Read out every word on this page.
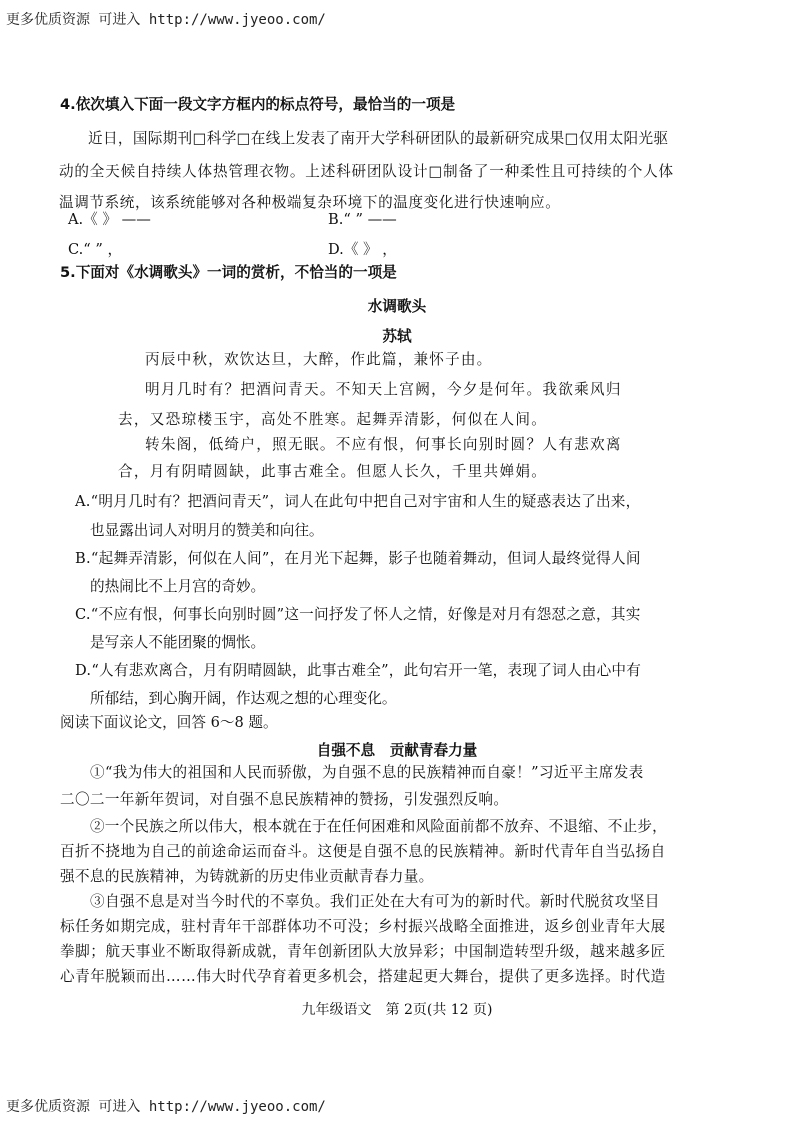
更多优质资源 可进入 http://www.jyeoo.com/
4.依次填入下面一段文字方框内的标点符号，最恰当的一项是
近日，国际期刊□科学□在线上发表了南开大学科研团队的最新研究成果□仅用太阳光驱
动的全天候自持续人体热管理衣物。上述科研团队设计□制备了一种柔性且可持续的个人体
温调节系统，该系统能够对各种极端复杂环境下的温度变化进行快速响应。
A.《 》 ——	B.“ ” ——
C.“ ” ，	D.《 》 ，
5.下面对《水调歌头》一词的赏析，不恰当的一项是
水调歌头
苏轼
丙辰中秋，欢饮达旦，大醉，作此篇，兼怀子由。
明月几时有？把酒问青天。不知天上宫阙，今夕是何年。我欲乘风归
去，又恐琼楼玉宇，高处不胜寒。起舞弄清影，何似在人间。
转朱阁，低绮户，照无眠。不应有恨，何事长向别时圆？人有悲欢离
合，月有阴晴圆缺，此事古难全。但愿人长久，千里共婵娟。
A.“明月几时有？把酒问青天”，词人在此句中把自己对宇宙和人生的疑惑表达了出来，
也显露出词人对明月的赞美和向往。
B.“起舞弄清影，何似在人间”，在月光下起舞，影子也随着舞动，但词人最终觉得人间
的热闹比不上月宫的奇妙。
C.“不应有恨，何事长向别时圆”这一问抒发了怀人之情，好像是对月有怨怼之意，其实
是写亲人不能团聚的惆怅。
D.“人有悲欢离合，月有阴晴圆缺，此事古难全”，此句宕开一笔，表现了词人由心中有
所郁结，到心胸开阔，作达观之想的心理变化。
阅读下面议论文，回答 6～8 题。
自强不息　贡献青春力量
①“我为伟大的祖国和人民而骄傲，为自强不息的民族精神而自豪！”习近平主席发表
二〇二一年新年贺词，对自强不息民族精神的赞扬，引发强烈反响。
②一个民族之所以伟大，根本就在于在任何困难和风险面前都不放弃、不退缩、不止步，
百折不挠地为自己的前途命运而奋斗。这便是自强不息的民族精神。新时代青年自当弘扬自
强不息的民族精神，为铸就新的历史伟业贡献青春力量。
③自强不息是对当今时代的不辜负。我们正处在大有可为的新时代。新时代脱贫攻坚目
标任务如期完成，驻村青年干部群体功不可没；乡村振兴战略全面推进，返乡创业青年大展
拳脚；航天事业不断取得新成就，青年创新团队大放异彩；中国制造转型升级，越来越多匠
心青年脱颖而出……伟大时代孕育着更多机会，搭建起更大舞台，提供了更多选择。时代造
九年级语文　第 2页(共 12 页)
更多优质资源 可进入 http://www.jyeoo.com/
